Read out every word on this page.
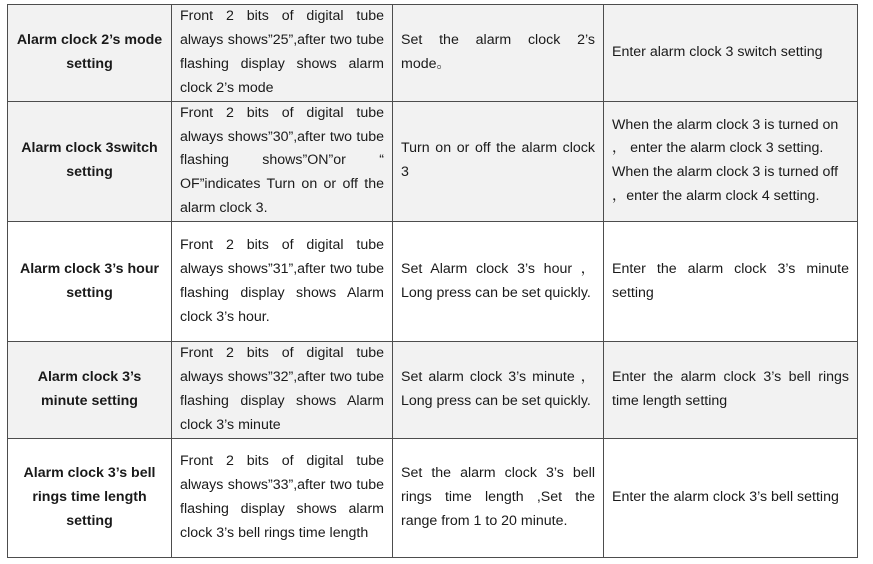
Alarm clock 2’s mode setting	Front 2 bits of digital tube always shows”25”,after two tube flashing display shows alarm clock 2’s mode	Set the alarm clock 2’s mode。	Enter alarm clock 3 switch setting
Alarm clock 3switch setting	Front 2 bits of digital tube always shows”30”,after two tube flashing shows”ON”or “ OF”indicates Turn on or off the alarm clock 3.	Turn on or off the alarm clock 3	When the alarm clock 3 is turned on
， enter the alarm clock 3 setting.
When the alarm clock 3 is turned off
，enter the alarm clock 4 setting.

Alarm clock 3’s hour setting	Front 2 bits of digital tube always shows”31”,after two tube flashing display shows Alarm clock 3’s hour.	Set Alarm clock 3’s hour ，Long press can be set quickly.	Enter the alarm clock 3’s minute setting
Alarm clock 3’s minute setting	Front 2 bits of digital tube always shows”32”,after two tube flashing display shows Alarm clock 3’s minute	Set alarm clock 3’s minute ，Long press can be set quickly.	Enter the alarm clock 3’s bell rings time length setting
Alarm clock 3’s bell rings time length setting	Front 2 bits of digital tube always shows”33”,after two tube flashing display shows alarm clock 3’s bell rings time length	Set the alarm clock 3’s bell rings time length ,Set the range from 1 to 20 minute.	Enter the alarm clock 3’s bell setting
